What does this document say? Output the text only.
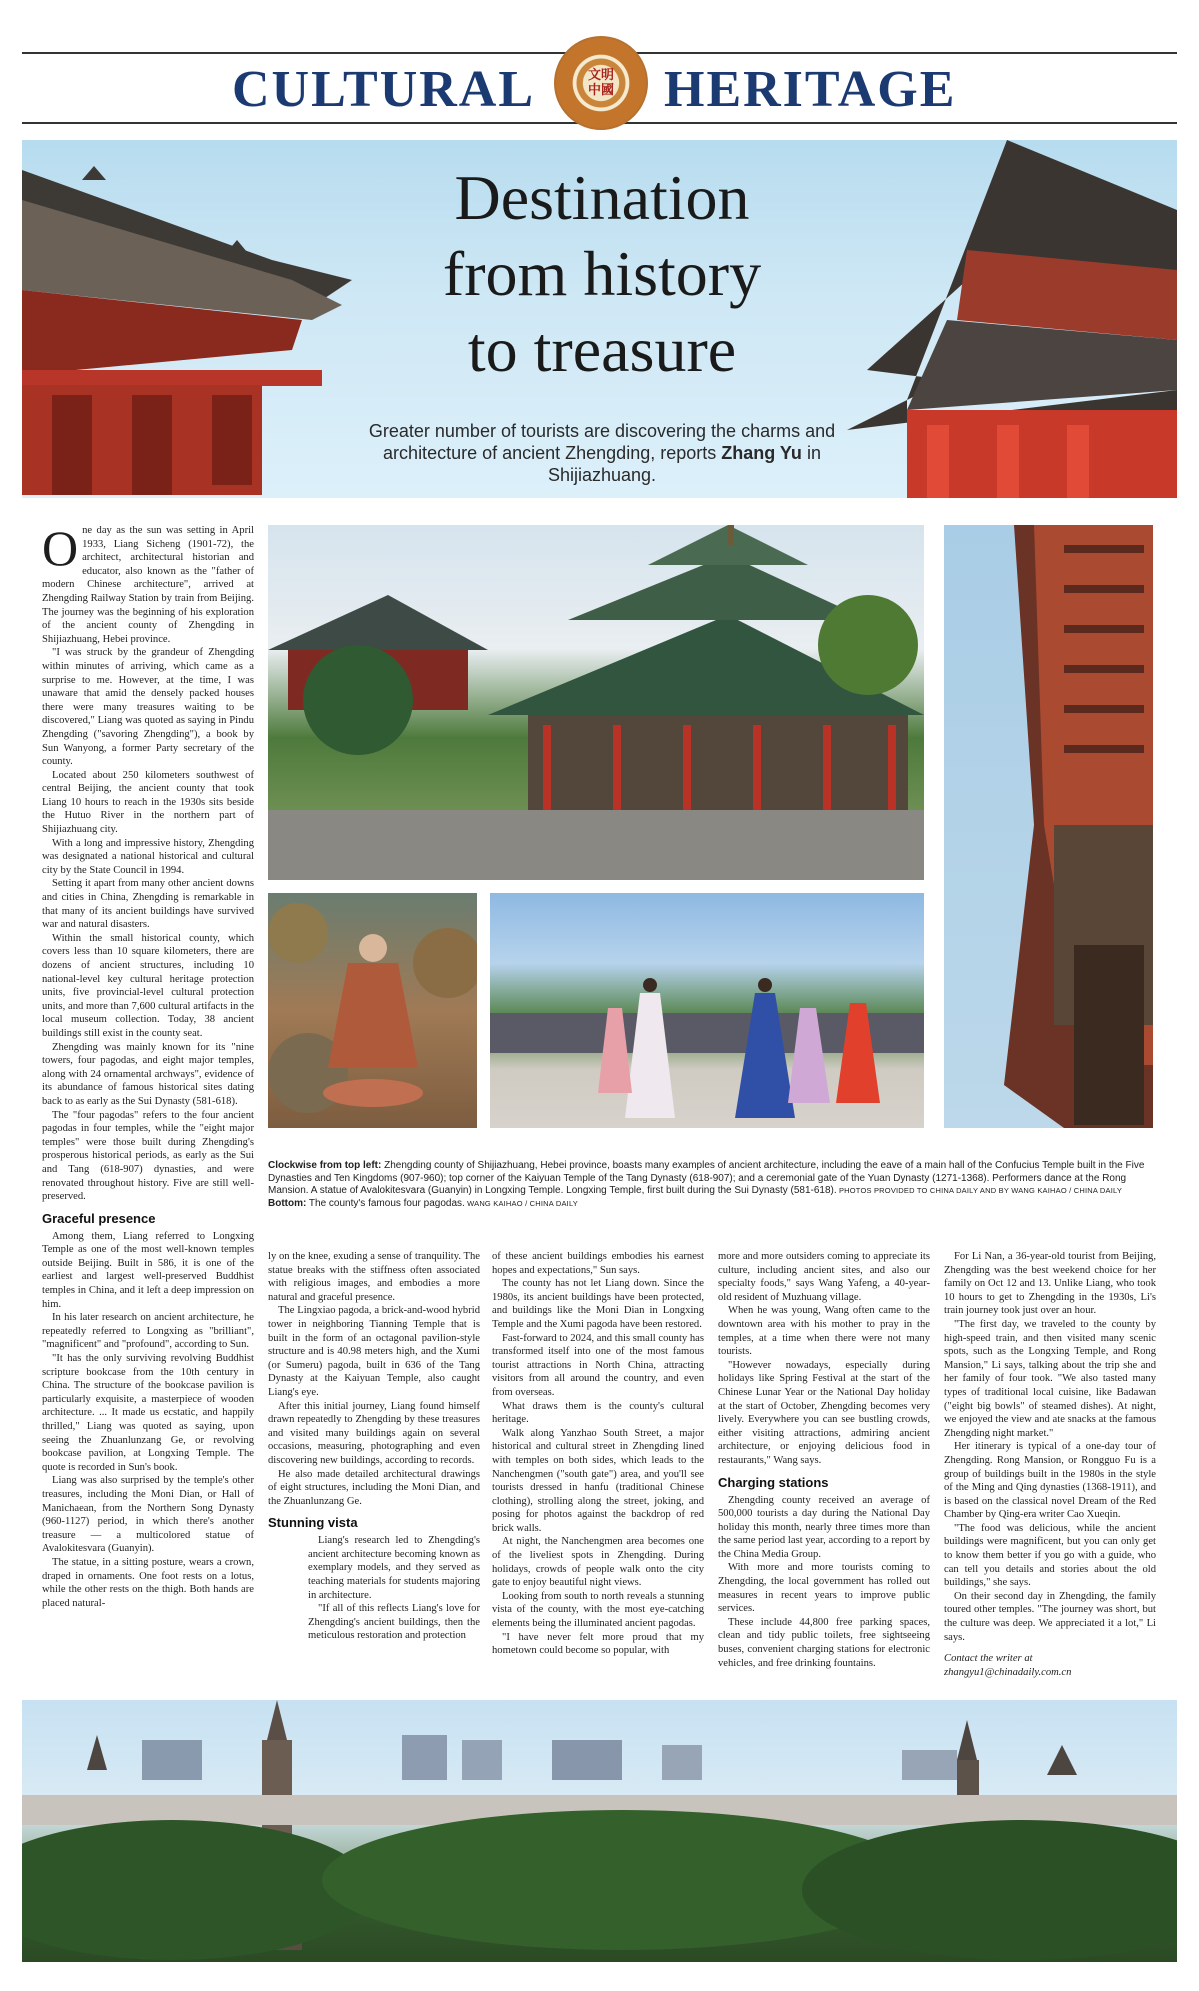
CULTURAL	文明
中國 HERITAGE
Destination
from history
to treasure
Greater number of tourists are discovering the charms and architecture of ancient Zhengding, reports Zhang Yu in Shijiazhuang.
Clockwise from top left: Zhengding county of Shijiazhuang, Hebei province, boasts many examples of ancient architecture, including the eave of a main hall of the Confucius Temple built in the Five Dynasties and Ten Kingdoms (907-960); top corner of the Kaiyuan Temple of the Tang Dynasty (618-907); and a ceremonial gate of the Yuan Dynasty (1271-1368). Performers dance at the Rong Mansion. A statue of Avalokitesvara (Guanyin) in Longxing Temple. Longxing Temple, first built during the Sui Dynasty (581-618). PHOTOS PROVIDED TO CHINA DAILY AND BY WANG KAIHAO / CHINA DAILY Bottom: The county's famous four pagodas. WANG KAIHAO / CHINA DAILY

One day as the sun was setting in April 1933, Liang Sicheng (1901-72), the architect, architectural historian and educator, also known as the "father of modern Chinese architecture", arrived at Zhengding Railway Station by train from Beijing. The journey was the beginning of his exploration of the ancient county of Zhengding in Shijiazhuang, Hebei province.

"I was struck by the grandeur of Zhengding within minutes of arriving, which came as a surprise to me. However, at the time, I was unaware that amid the densely packed houses there were many treasures waiting to be discovered," Liang was quoted as saying in Pindu Zhengding ("savoring Zhengding"), a book by Sun Wanyong, a former Party secretary of the county.

Located about 250 kilometers southwest of central Beijing, the ancient county that took Liang 10 hours to reach in the 1930s sits beside the Hutuo River in the northern part of Shijiazhuang city.

With a long and impressive history, Zhengding was designated a national historical and cultural city by the State Council in 1994.

Setting it apart from many other ancient downs and cities in China, Zhengding is remarkable in that many of its ancient buildings have survived war and natural disasters.

Within the small historical county, which covers less than 10 square kilometers, there are dozens of ancient structures, including 10 national-level key cultural heritage protection units, five provincial-level cultural protection units, and more than 7,600 cultural artifacts in the local museum collection. Today, 38 ancient buildings still exist in the county seat.

Zhengding was mainly known for its "nine towers, four pagodas, and eight major temples, along with 24 ornamental archways", evidence of its abundance of famous historical sites dating back to as early as the Sui Dynasty (581-618).

The "four pagodas" refers to the four ancient pagodas in four temples, while the "eight major temples" were those built during Zhengding's prosperous historical periods, as early as the Sui and Tang (618-907) dynasties, and were renovated throughout history. Five are still well-preserved.

Graceful presence

Among them, Liang referred to Longxing Temple as one of the most well-known temples outside Beijing. Built in 586, it is one of the earliest and largest well-preserved Buddhist temples in China, and it left a deep impression on him.

In his later research on ancient architecture, he repeatedly referred to Longxing as "brilliant", "magnificent" and "profound", according to Sun.

"It has the only surviving revolving Buddhist scripture bookcase from the 10th century in China. The structure of the bookcase pavilion is particularly exquisite, a masterpiece of wooden architecture. ... It made us ecstatic, and happily thrilled," Liang was quoted as saying, upon seeing the Zhuanlunzang Ge, or revolving bookcase pavilion, at Longxing Temple. The quote is recorded in Sun's book.

Liang was also surprised by the temple's other treasures, including the Moni Dian, or Hall of Manichaean, from the Northern Song Dynasty (960-1127) period, in which there's another treasure — a multicolored statue of Avalokitesvara (Guanyin).

The statue, in a sitting posture, wears a crown, draped in ornaments. One foot rests on a lotus, while the other rests on the thigh. Both hands are placed natural-

ly on the knee, exuding a sense of tranquility. The statue breaks with the stiffness often associated with religious images, and embodies a more natural and graceful presence.

The Lingxiao pagoda, a brick-and-wood hybrid tower in neighboring Tianning Temple that is built in the form of an octagonal pavilion-style structure and is 40.98 meters high, and the Xumi (or Sumeru) pagoda, built in 636 of the Tang Dynasty at the Kaiyuan Temple, also caught Liang's eye.

After this initial journey, Liang found himself drawn repeatedly to Zhengding by these treasures and visited many buildings again on several occasions, measuring, photographing and even discovering new buildings, according to records.

He also made detailed architectural drawings of eight structures, including the Moni Dian, and the Zhuanlunzang Ge.

Stunning vista

Liang's research led to Zhengding's ancient architecture becoming known as exemplary models, and they served as teaching materials for students majoring in architecture.

"If all of this reflects Liang's love for Zhengding's ancient buildings, then the meticulous restoration and protection

of these ancient buildings embodies his earnest hopes and expectations," Sun says.

The county has not let Liang down. Since the 1980s, its ancient buildings have been protected, and buildings like the Moni Dian in Longxing Temple and the Xumi pagoda have been restored.

Fast-forward to 2024, and this small county has transformed itself into one of the most famous tourist attractions in North China, attracting visitors from all around the country, and even from overseas.

What draws them is the county's cultural heritage.

Walk along Yanzhao South Street, a major historical and cultural street in Zhengding lined with temples on both sides, which leads to the Nanchengmen ("south gate") area, and you'll see tourists dressed in hanfu (traditional Chinese clothing), strolling along the street, joking, and posing for photos against the backdrop of red brick walls.

At night, the Nanchengmen area becomes one of the liveliest spots in Zhengding. During holidays, crowds of people walk onto the city gate to enjoy beautiful night views.

Looking from south to north reveals a stunning vista of the county, with the most eye-catching elements being the illuminated ancient pagodas.

"I have never felt more proud that my hometown could become so popular, with

more and more outsiders coming to appreciate its culture, including ancient sites, and also our specialty foods," says Wang Yafeng, a 40-year-old resident of Muzhuang village.

When he was young, Wang often came to the downtown area with his mother to pray in the temples, at a time when there were not many tourists.

"However nowadays, especially during holidays like Spring Festival at the start of the Chinese Lunar Year or the National Day holiday at the start of October, Zhengding becomes very lively. Everywhere you can see bustling crowds, either visiting attractions, admiring ancient architecture, or enjoying delicious food in restaurants," Wang says.

Charging stations

Zhengding county received an average of 500,000 tourists a day during the National Day holiday this month, nearly three times more than the same period last year, according to a report by the China Media Group.

With more and more tourists coming to Zhengding, the local government has rolled out measures in recent years to improve public services.

These include 44,800 free parking spaces, clean and tidy public toilets, free sightseeing buses, convenient charging stations for electronic vehicles, and free drinking fountains.

For Li Nan, a 36-year-old tourist from Beijing, Zhengding was the best weekend choice for her family on Oct 12 and 13. Unlike Liang, who took 10 hours to get to Zhengding in the 1930s, Li's train journey took just over an hour.

"The first day, we traveled to the county by high-speed train, and then visited many scenic spots, such as the Longxing Temple, and Rong Mansion," Li says, talking about the trip she and her family of four took. "We also tasted many types of traditional local cuisine, like Badawan ("eight big bowls" of steamed dishes). At night, we enjoyed the view and ate snacks at the famous Zhengding night market."

Her itinerary is typical of a one-day tour of Zhengding. Rong Mansion, or Rongguo Fu is a group of buildings built in the 1980s in the style of the Ming and Qing dynasties (1368-1911), and is based on the classical novel Dream of the Red Chamber by Qing-era writer Cao Xueqin.

"The food was delicious, while the ancient buildings were magnificent, but you can only get to know them better if you go with a guide, who can tell you details and stories about the old buildings," she says.

On their second day in Zhengding, the family toured other temples. "The journey was short, but the culture was deep. We appreciated it a lot," Li says.

Contact the writer at

zhangyu1@chinadaily.com.cn
